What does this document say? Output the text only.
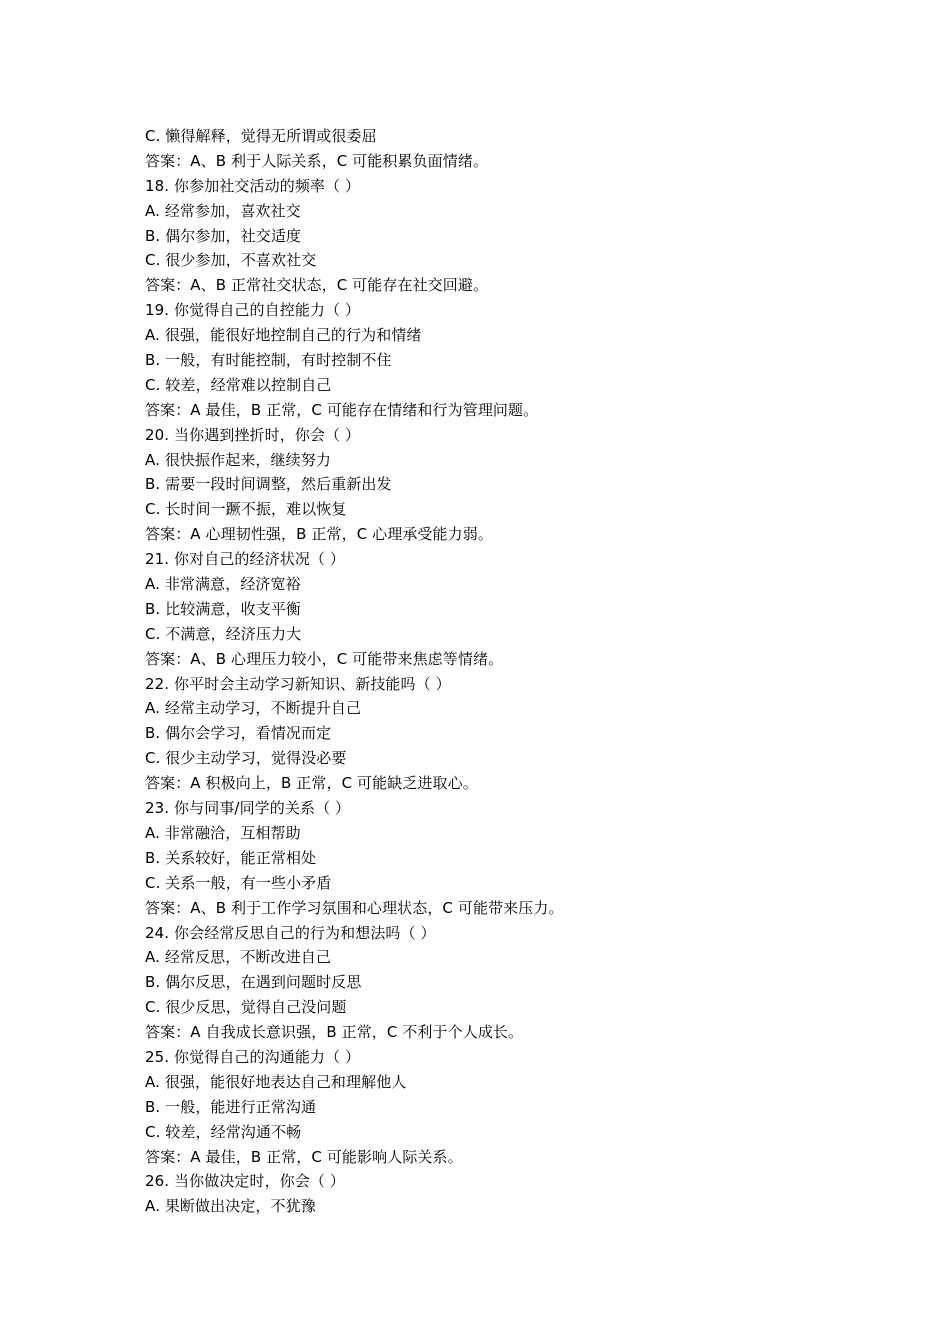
C. 懒得解释，觉得无所谓或很委屈
答案：A、B 利于人际关系，C 可能积累负面情绪。
18. 你参加社交活动的频率（ ）
A. 经常参加，喜欢社交
B. 偶尔参加，社交适度
C. 很少参加，不喜欢社交
答案：A、B 正常社交状态，C 可能存在社交回避。
19. 你觉得自己的自控能力（ ）
A. 很强，能很好地控制自己的行为和情绪
B. 一般，有时能控制，有时控制不住
C. 较差，经常难以控制自己
答案：A 最佳，B 正常，C 可能存在情绪和行为管理问题。
20. 当你遇到挫折时，你会（ ）
A. 很快振作起来，继续努力
B. 需要一段时间调整，然后重新出发
C. 长时间一蹶不振，难以恢复
答案：A 心理韧性强，B 正常，C 心理承受能力弱。
21. 你对自己的经济状况（ ）
A. 非常满意，经济宽裕
B. 比较满意，收支平衡
C. 不满意，经济压力大
答案：A、B 心理压力较小，C 可能带来焦虑等情绪。
22. 你平时会主动学习新知识、新技能吗（ ）
A. 经常主动学习，不断提升自己
B. 偶尔会学习，看情况而定
C. 很少主动学习，觉得没必要
答案：A 积极向上，B 正常，C 可能缺乏进取心。
23. 你与同事/同学的关系（ ）
A. 非常融洽，互相帮助
B. 关系较好，能正常相处
C. 关系一般，有一些小矛盾
答案：A、B 利于工作学习氛围和心理状态，C 可能带来压力。
24. 你会经常反思自己的行为和想法吗（ ）
A. 经常反思，不断改进自己
B. 偶尔反思，在遇到问题时反思
C. 很少反思，觉得自己没问题
答案：A 自我成长意识强，B 正常，C 不利于个人成长。
25. 你觉得自己的沟通能力（ ）
A. 很强，能很好地表达自己和理解他人
B. 一般，能进行正常沟通
C. 较差，经常沟通不畅
答案：A 最佳，B 正常，C 可能影响人际关系。
26. 当你做决定时，你会（ ）
A. 果断做出决定，不犹豫
